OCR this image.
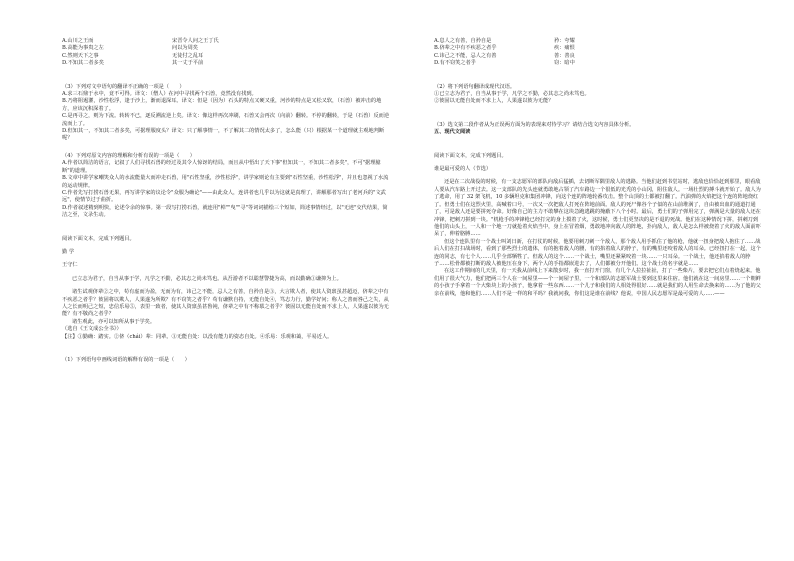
A.山川之王而	宋晋令人问之王丁氏
B.高能为事贵之左	问以为周矣
C.然则天下之事	无徒付之乱耳
D.不知其二者多矣	其一丈于平前

（3）下列对文中语句的翻译不正确的一项是（　　）

A.求三石鼎于水中，竟不可得。译文：（僧人）在河中寻找两个石兽，竟然没有找到。

B.乃将阻遏灌，沙性松浮，逢于沙上，渐而退深耳。译文：但是（因为）石头的特点又硬又重，河沙的特点是又松又软，（石兽）被冲击的地方，应该沉积深着了。

C.是再寻之，则为下流。转转不已，逐反溯流逆上矣。译文：像这样再次冲刷，石兽又会再次（向前）翻转。不停的翻转，于是（石兽）反而逆流而上了。

D.但知其一，不知其二者多矣，可据理服度头？译文：只了解事情一，不了解其二的情况太多了，怎么能（只）根据某一个道理就主观地判断呢？

（4）下列对原文内容的理解和分析有误的一项是（　　）

A.作者以简洁的语言，记叙了人们寻找石兽的经过及其令人惊讶的结局，而且从中悟出了天下事"但知其一，不知其二者多矣"，不可"据理臆断"的道理。

B.文章中讲学家嘲笑众人的水流能量大而冲走石兽，用"石性坚重，沙性松浮"，讲学家则论有主要到"石性坚重，沙性松浮"，并且也忽视了水流的运动规律。

C.作者先写打捞石兽无果，再写讲学家的议论令"众服为确论"——由此众人，连讲者也几乎以为这就是真理了，讲解那者写出了老河兵的"文武远"，使情节过于曲折。

D.作者叙述精到明快，论述令余的惊事。第一段写打捞石兽，就连用"棹""曳""寻"等词词描绘三个短如，简述事情经过，以"无迹"交代结果，简洁之至，文录生动。

阅读下面文本，完成下列题目。

勤 学

王守仁

已立志为君子，自当从事于学，凡学之不勤，必其志之尚未笃也。从吾游者不以聪慧警捷为高，而以勤确①谦抑为上。

诸生试观侪辈②之中，苟有虚而为盈，无而为有，讳己之不能，忌人之有善，自矜自是③，大言欺人者，使其人资禀虽甚超迈，侪辈之中有不疾恶之者乎？彼固将以欺人，人果遂为所欺？有不窃笑之者乎？苟有谦默自持，无能自处④，笃志力行，勤学好问；称人之善而咎己之失，从人之长而明己之短，忠信乐易⑤，表里一致者，使其人资禀虽甚鲁钝，侪辈之中有不称慕之者乎？彼固以无能自处而不求上人，人果遂以彼为无能？有不敬尚之者乎？

诸生观此，亦可以知所从事于学矣。

（选自《王文成公全书》）

【注】①勤确：踏实。②侪（chái）辈：同辈。③无能自处：以没有能力的姿态自处。④乐易：乐观和蔼，平易近人。

（1）下列语句中画线词语的解释有误的一项是（　　）

A.息人之有善，自矜自是	矜：夸耀
B.侪辈之中有不疾恶之者乎	疾：痛恨
C.讳己之不能，忌人之有善	善：善良
D.有不窃笑之者乎	窃：暗中

（2）将下列语句翻译成现代汉语。

①已立志为君子，自当从事于学，凡学之不勤，必其志之尚未笃也。

②彼固以无能自处而不求上人，人果遂以彼为无能？

（3）选文第二段作者从为正误两方面为的表现来对待学习？请结合选文内容具体分析。

五、现代文阅读

阅读下面文本，完成下列题目。

谁是最可爱的人（节选）

还是在二次战役的时候，有一支志愿军的部队向敌后猛插，去切断军隅里敌人的逃路。当他们赶到书堂站时，逃敌也恰恰赶到那里，眼看敌人要从汽车路上开过去。这一支部队的先头连就勇敢地占领了汽车路边一个很低的光秃的小山冈，阻住敌人。一场壮烈的搏斗就开始了。敌人为了逃命，用了 32 架飞机，10 多辆坦克和集团冲锋，向这个连的阵地轮番攻击。整个山顶的土都被打翻了。汽油弹的火焰把这个连的阵地烧红了。但勇士们在这烈火里，高喊着口号，一次又一次把敌人打死在阵地前面。敌人的死尸像谷个子似的在山前堆满了，自由被出血的通道打通了，可是敌人还是要拼死夺命。好像自己的主力不敢攀在这块急跑逃跳的掩蔽下八个小时。最后，勇士们的子弹用完了，弹满是大量的敌人还在冲锋，把刺刀拼到一块。"机枪手的冲锋枪已经打完的身上摸着了火，这时候，勇士们更坚决的是不退的死战。他们在这种情况下拼，拼刺刀到他们的山头上，一人和一个地一刀就抢着火焰当中，身上在冒着烟，勇敢地冲向敌人的阵地，扑向敌人，敌人是怎么样被烧着了火的敌人面前吓呆了，伸着胳膊……

但这个连队里有一个战士叫刘日新，在打仗的时候，他要用刺刀刺一个敌人，那个敌人用手抓住了他的枪，他就一扭身把敌人抱住了……战后人们在打扫战场时，看到了那些烈士的遗体，有的抱着敌人的腰，有的掐着敌人的脖子，有的嘴里还咬着敌人的耳朵。已经扭打在一起，这个连的同志，有七个人……几乎全部牺牲了。但敌人的这个……一个战士，嘴里还紧紧咬着一块……一只耳朵。一个战士，他还掐着敌人的脖子……松骨都被打断的敌人被他压在身下，两个人的手指都嵌进去了，人们都被分开他们。这个战士的名字就是……

在这工作期间的几天里，有一天我从前线上下来散步时，我一直打开门窗，有几个人拉拉扯扯，打了一些柴片，要去把它们点着烧起来。他们用了很大气力，他们把两三个人在一间屋里——个一间屋子里，一个和部队的志愿军战士要到这里来住宿。他们就在这一间房里……一个朝鲜的小孩子手拿着一个大柴块上的小孩子，他拿着一些东西……一个儿子和我们的人相处得很好……就是我们的人用生命去换来的……为了他的父亲在前线，他和他们……人们不是一样的和平吗？我就问我，你们这是谁在前线？他说，中国人民志愿军是最可爱的人……——
